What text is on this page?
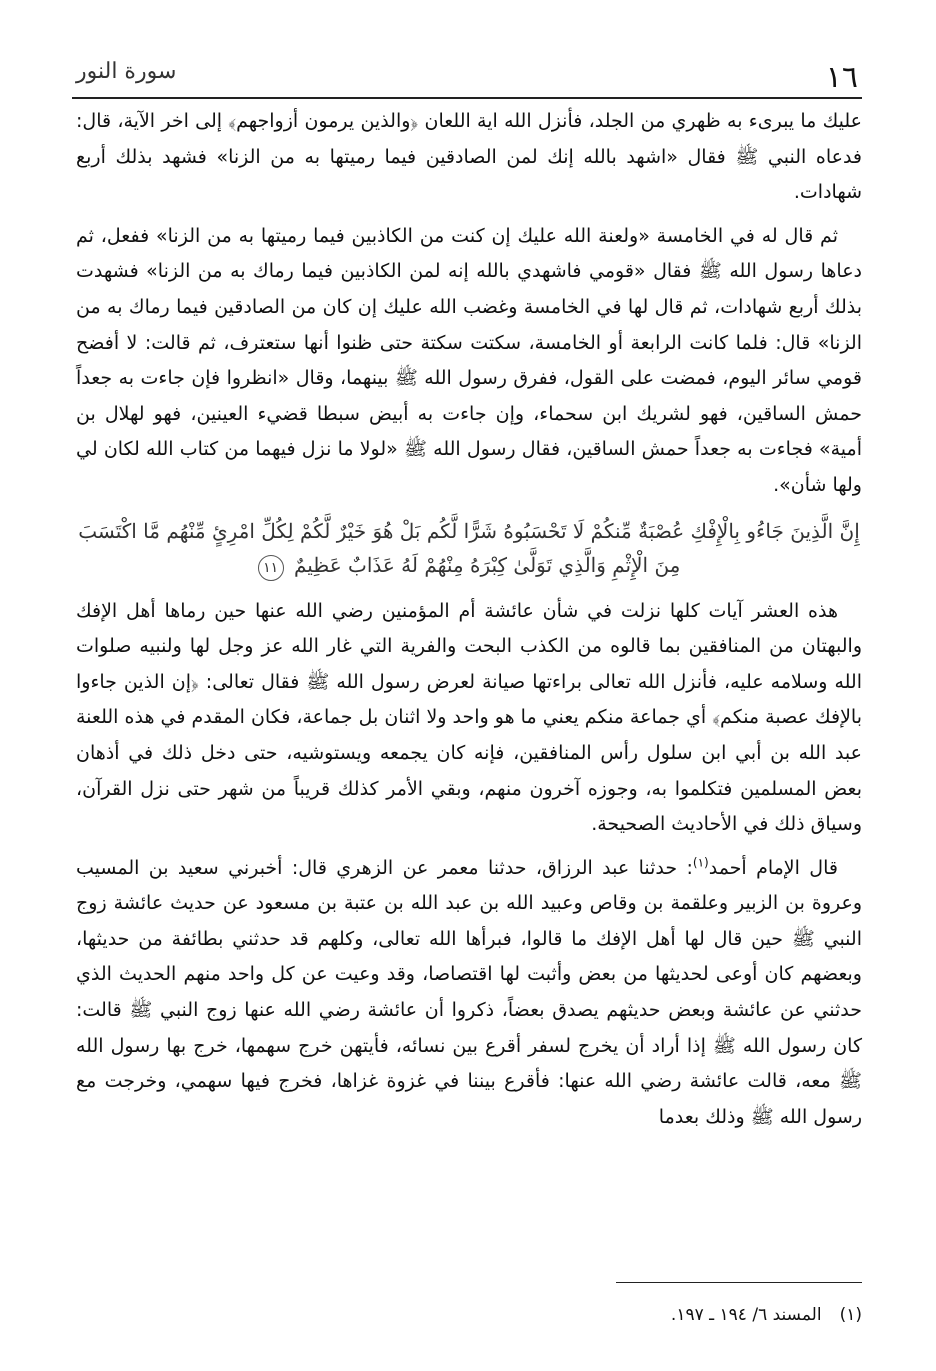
١٦
سورة النور

عليك ما يبرىء به ظهري من الجلد، فأنزل الله اية اللعان ﴿والذين يرمون أزواجهم﴾ إلى اخر الآية، قال: فدعاه النبي ﷺ فقال «اشهد بالله إنك لمن الصادقين فيما رميتها به من الزنا» فشهد بذلك أربع شهادات.

ثم قال له في الخامسة «ولعنة الله عليك إن كنت من الكاذبين فيما رميتها به من الزنا» ففعل، ثم دعاها رسول الله ﷺ فقال «قومي فاشهدي بالله إنه لمن الكاذبين فيما رماك به من الزنا» فشهدت بذلك أربع شهادات، ثم قال لها في الخامسة وغضب الله عليك إن كان من الصادقين فيما رماك به من الزنا» قال: فلما كانت الرابعة أو الخامسة، سكتت سكتة حتى ظنوا أنها ستعترف، ثم قالت: لا أفضح قومي سائر اليوم، فمضت على القول، ففرق رسول الله ﷺ بينهما، وقال «انظروا فإن جاءت به جعداً حمش الساقين، فهو لشريك ابن سحماء، وإن جاءت به أبيض سبطا قضيء العينين، فهو لهلال بن أمية» فجاءت به جعداً حمش الساقين، فقال رسول الله ﷺ «لولا ما نزل فيهما من كتاب الله لكان لي ولها شأن».

إِنَّ الَّذِينَ جَاءُو بِالْإِفْكِ عُصْبَةٌ مِّنكُمْ لَا تَحْسَبُوهُ شَرًّا لَّكُم بَلْ هُوَ خَيْرٌ لَّكُمْ لِكُلِّ امْرِئٍ مِّنْهُم مَّا اكْتَسَبَ مِنَ الْإِثْمِ وَالَّذِي تَوَلَّىٰ كِبْرَهُ مِنْهُمْ لَهُ عَذَابٌ عَظِيمٌ ١١

هذه العشر آيات كلها نزلت في شأن عائشة أم المؤمنين رضي الله عنها حين رماها أهل الإفك والبهتان من المنافقين بما قالوه من الكذب البحت والفرية التي غار الله عز وجل لها ولنبيه صلوات الله وسلامه عليه، فأنزل الله تعالى براءتها صيانة لعرض رسول الله ﷺ فقال تعالى: ﴿إن الذين جاءوا بالإفك عصبة منكم﴾ أي جماعة منكم يعني ما هو واحد ولا اثنان بل جماعة، فكان المقدم في هذه اللعنة عبد الله بن أبي ابن سلول رأس المنافقين، فإنه كان يجمعه ويستوشيه، حتى دخل ذلك في أذهان بعض المسلمين فتكلموا به، وجوزه آخرون منهم، وبقي الأمر كذلك قريباً من شهر حتى نزل القرآن، وسياق ذلك في الأحاديث الصحيحة.

قال الإمام أحمد$^{(١)}$: حدثنا عبد الرزاق، حدثنا معمر عن الزهري قال: أخبرني سعيد بن المسيب وعروة بن الزبير وعلقمة بن وقاص وعبيد الله بن عبد الله بن عتبة بن مسعود عن حديث عائشة زوج النبي ﷺ حين قال لها أهل الإفك ما قالوا، فبرأها الله تعالى، وكلهم قد حدثني بطائفة من حديثها، وبعضهم كان أوعى لحديثها من بعض وأثبت لها اقتصاصا، وقد وعيت عن كل واحد منهم الحديث الذي حدثني عن عائشة وبعض حديثهم يصدق بعضاً، ذكروا أن عائشة رضي الله عنها زوج النبي ﷺ قالت: كان رسول الله ﷺ إذا أراد أن يخرج لسفر أقرع بين نسائه، فأيتهن خرج سهمها، خرج بها رسول الله ﷺ معه، قالت عائشة رضي الله عنها: فأقرع بيننا في غزوة غزاها، فخرج فيها سهمي، وخرجت مع رسول الله ﷺ وذلك بعدما

(١)المسند ٦/ ١٩٤ ـ ١٩٧.
